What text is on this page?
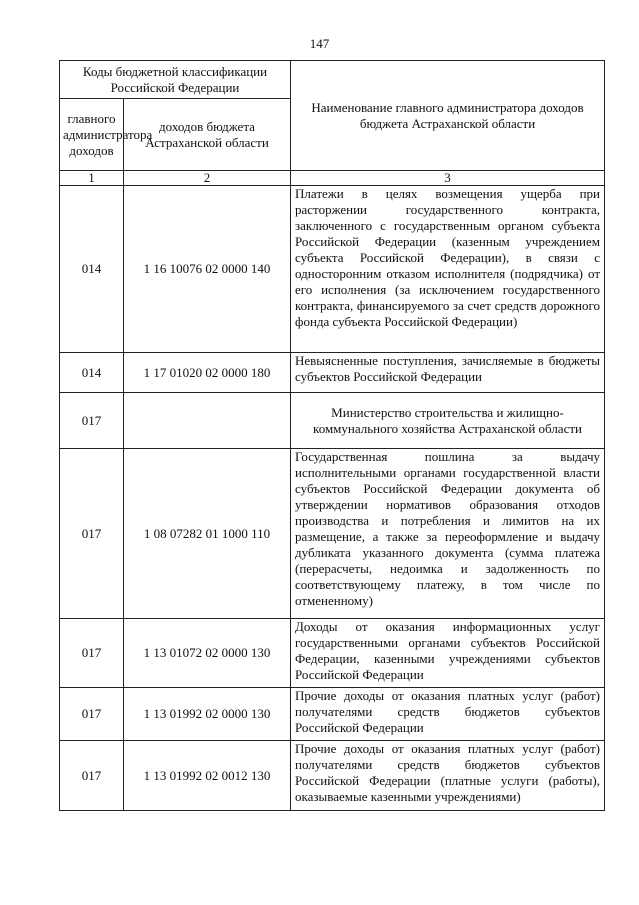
147
Коды бюджетной классификации Российской Федерации		Наименование главного администратора доходов бюджета Астраханской области
главного администратора доходов	доходов бюджета Астраханской области	
1	2	3
014	1 16 10076 02 0000 140	Платежи в целях возмещения ущерба при расторжении государственного контракта, заключенного с государственным органом субъекта Российской Федерации (казенным учреждением субъекта Российской Федерации), в связи с односторонним отказом исполнителя (подрядчика) от его исполнения (за исключением государственного контракта, финансируемого за счет средств дорожного фонда субъекта Российской Федерации)
014	1 17 01020 02 0000 180	Невыясненные поступления, зачисляемые в бюджеты субъектов Российской Федерации
017		Министерство строительства и жилищно-коммунального хозяйства Астраханской области
017	1 08 07282 01 1000 110	Государственная пошлина за выдачу исполнительными органами государственной власти субъектов Российской Федерации документа об утверждении нормативов образования отходов производства и потребления и лимитов на их размещение, а также за переоформление и выдачу дубликата указанного документа (сумма платежа (перерасчеты, недоимка и задолженность по соответствующему платежу, в том числе по отмененному)
017	1 13 01072 02 0000 130	Доходы от оказания информационных услуг государственными органами субъектов Российской Федерации, казенными учреждениями субъектов Российской Федерации
017	1 13 01992 02 0000 130	Прочие доходы от оказания платных услуг (работ) получателями средств бюджетов субъектов Российской Федерации
017	1 13 01992 02 0012 130	Прочие доходы от оказания платных услуг (работ) получателями средств бюджетов субъектов Российской Федерации (платные услуги (работы), оказываемые казенными учреждениями)
